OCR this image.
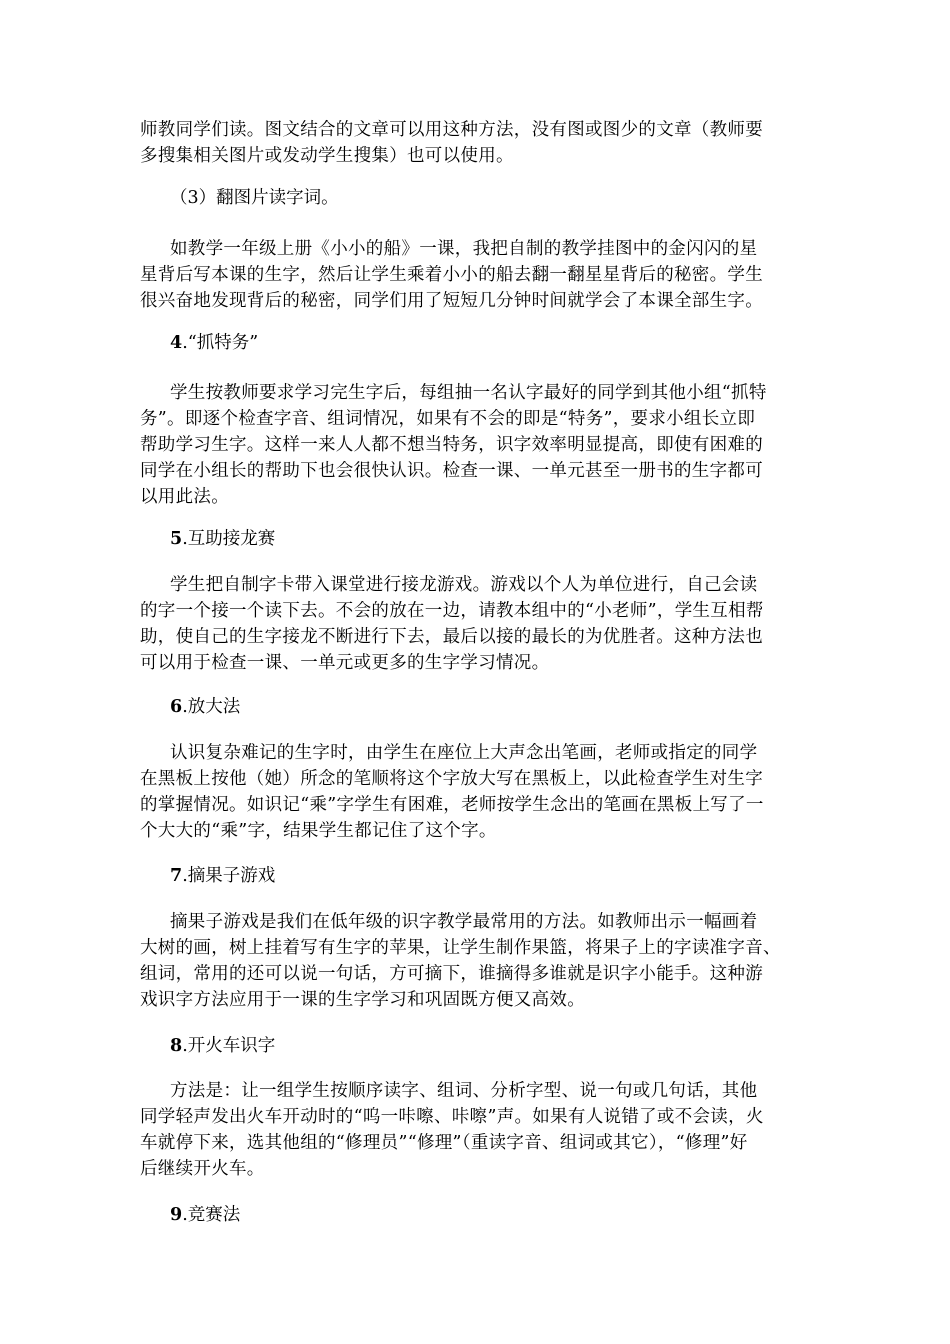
师教同学们读。图文结合的文章可以用这种方法，没有图或图少的文章（教师要
多搜集相关图片或发动学生搜集）也可以使用。

（3）翻图片读字词。

如教学一年级上册《小小的船》一课，我把自制的教学挂图中的金闪闪的星
星背后写本课的生字，然后让学生乘着小小的船去翻一翻星星背后的秘密。学生
很兴奋地发现背后的秘密，同学们用了短短几分钟时间就学会了本课全部生字。

4.“抓特务”

学生按教师要求学习完生字后，每组抽一名认字最好的同学到其他小组“抓特
务”。即逐个检查字音、组词情况，如果有不会的即是“特务”，要求小组长立即
帮助学习生字。这样一来人人都不想当特务，识字效率明显提高，即使有困难的
同学在小组长的帮助下也会很快认识。检查一课、一单元甚至一册书的生字都可
以用此法。

5.互助接龙赛

学生把自制字卡带入课堂进行接龙游戏。游戏以个人为单位进行，自己会读
的字一个接一个读下去。不会的放在一边，请教本组中的“小老师”，学生互相帮
助，使自己的生字接龙不断进行下去，最后以接的最长的为优胜者。这种方法也
可以用于检查一课、一单元或更多的生字学习情况。

6.放大法

认识复杂难记的生字时，由学生在座位上大声念出笔画，老师或指定的同学
在黑板上按他（她）所念的笔顺将这个字放大写在黑板上，以此检查学生对生字
的掌握情况。如识记“乘”字学生有困难，老师按学生念出的笔画在黑板上写了一
个大大的“乘”字，结果学生都记住了这个字。

7.摘果子游戏

摘果子游戏是我们在低年级的识字教学最常用的方法。如教师出示一幅画着
大树的画，树上挂着写有生字的苹果，让学生制作果篮，将果子上的字读准字音、
组词，常用的还可以说一句话，方可摘下，谁摘得多谁就是识字小能手。这种游
戏识字方法应用于一课的生字学习和巩固既方便又高效。

8.开火车识字

方法是：让一组学生按顺序读字、组词、分析字型、说一句或几句话，其他
同学轻声发出火车开动时的“呜一咔嚓、咔嚓”声。如果有人说错了或不会读，火
车就停下来，选其他组的“修理员”“修理”（重读字音、组词或其它），“修理”好
后继续开火车。

9.竞赛法
